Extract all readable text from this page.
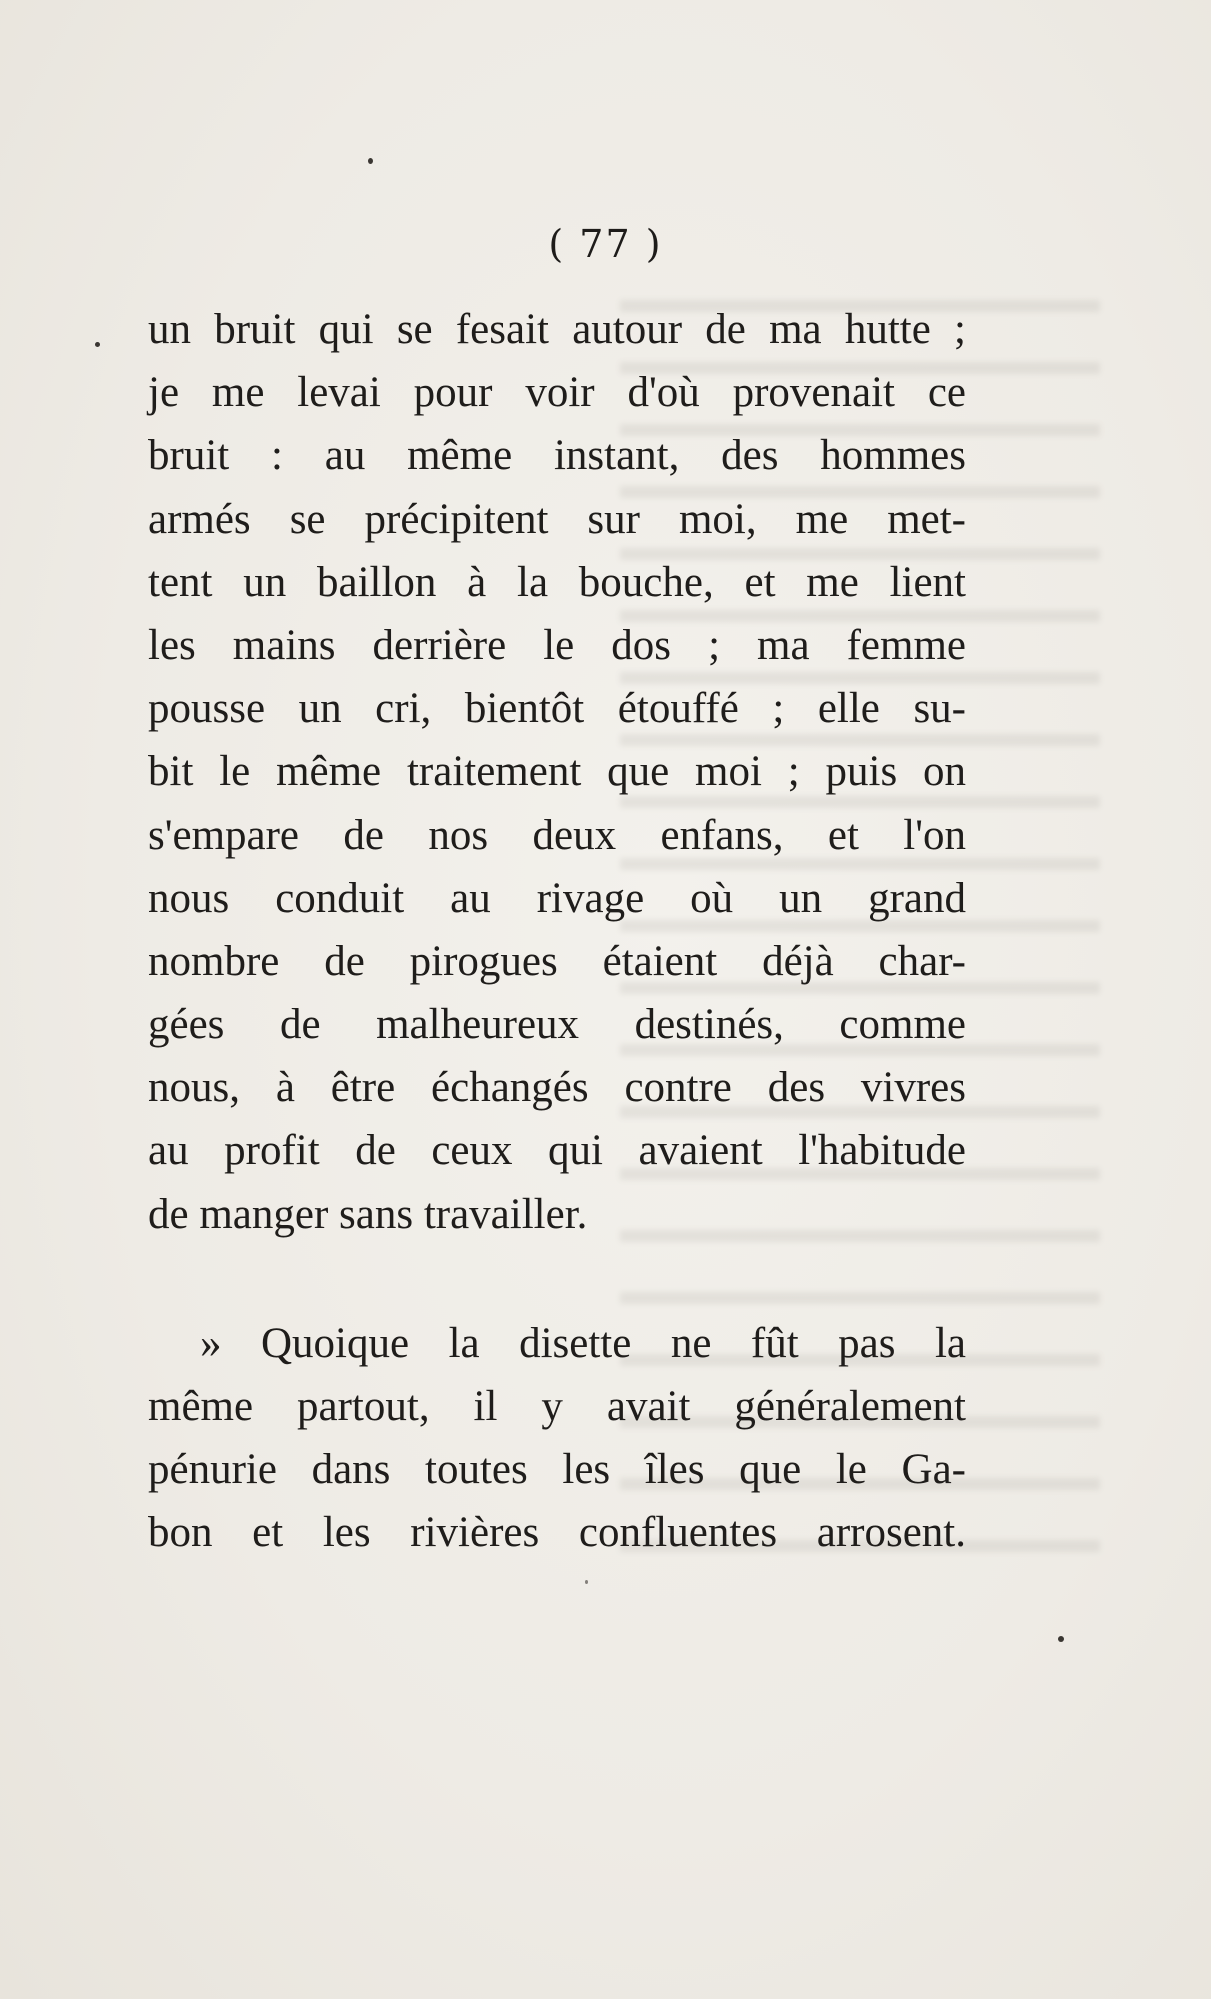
( 77 )
un bruit qui se fesait autour de ma hutte ;
je me levai pour voir d'où provenait ce
bruit : au même instant, des hommes
armés se précipitent sur moi, me met-
tent un baillon à la bouche, et me lient
les mains derrière le dos ; ma femme
pousse un cri, bientôt étouffé ; elle su-
bit le même traitement que moi ; puis on
s'empare de nos deux enfans, et l'on
nous conduit au rivage où un grand
nombre de pirogues étaient déjà char-
gées de malheureux destinés, comme
nous, à être échangés contre des vivres
au profit de ceux qui avaient l'habitude
de manger sans travailler.
» Quoique la disette ne fût pas la
même partout, il y avait généralement
pénurie dans toutes les îles que le Ga-
bon et les rivières confluentes arrosent.
